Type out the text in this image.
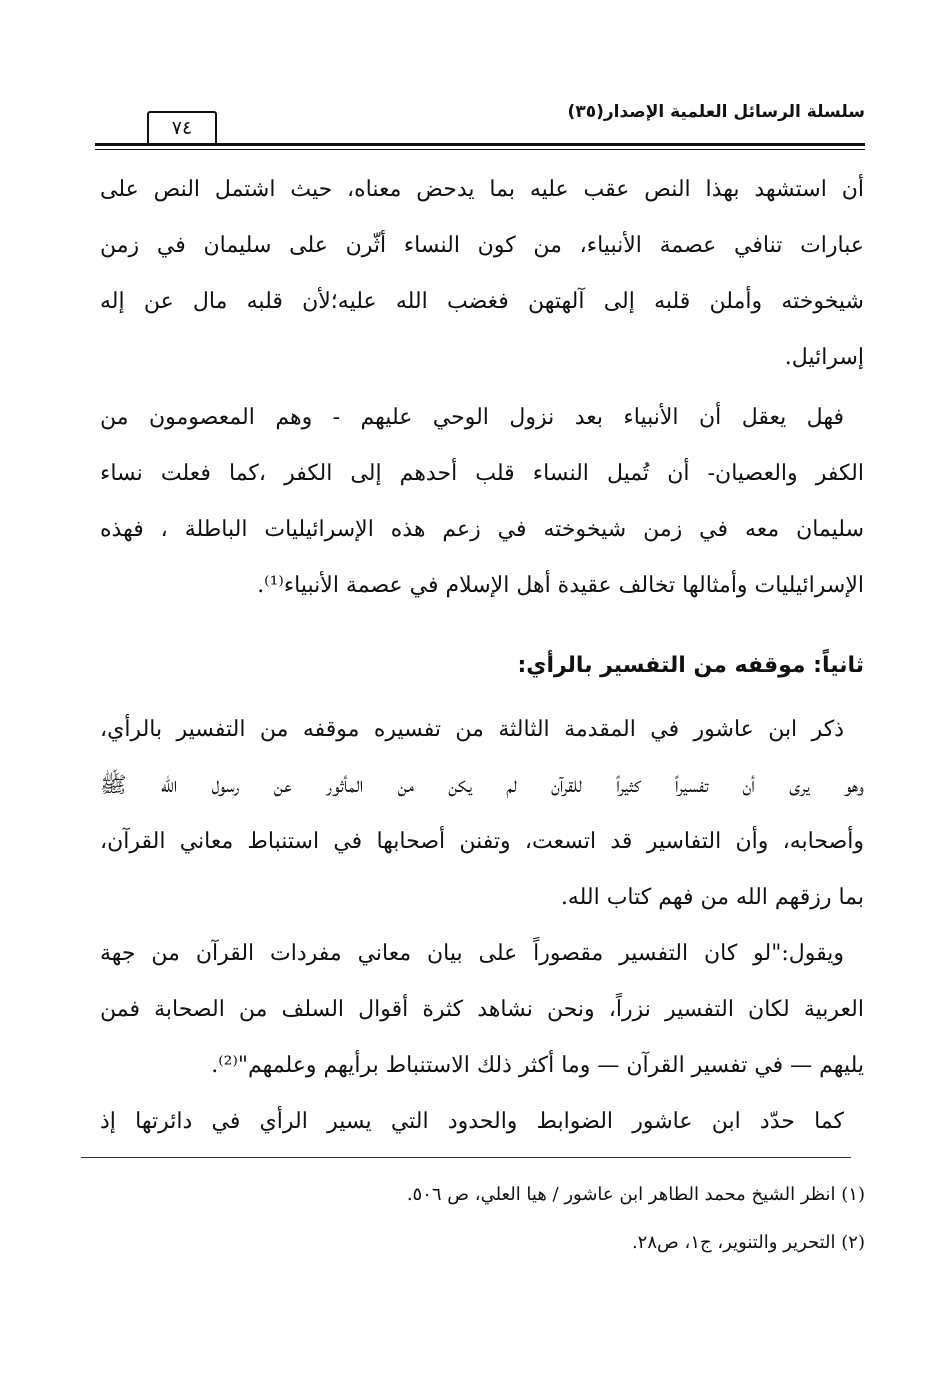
سلسلة الرسائل العلمية الإصدار(٣٥)
٧٤
أن استشهد بهذا النص عقب عليه بما يدحض معناه، حيث اشتمل النص على
عبارات تنافي عصمة الأنبياء، من كون النساء أثّرن على سليمان في زمن
شيخوخته وأملن قلبه إلى آلهتهن فغضب الله عليه؛لأن قلبه مال عن إله
إسرائيل.
فهل يعقل أن الأنبياء بعد نزول الوحي عليهم - وهم المعصومون من
الكفر والعصيان- أن تُميل النساء قلب أحدهم إلى الكفر ،كما فعلت نساء
سليمان معه في زمن شيخوخته في زعم هذه الإسرائيليات الباطلة ، فهذه
الإسرائيليات وأمثالها تخالف عقيدة أهل الإسلام في عصمة الأنبياء⁽¹⁾.
ثانياً: موقفه من التفسير بالرأي:
ذكر ابن عاشور في المقدمة الثالثة من تفسيره موقفه من التفسير بالرأي،
وهو يرى أن تفسيراً كثيراً للقرآن لم يكن من المأثور عن رسول الله ﷺ
وأصحابه، وأن التفاسير قد اتسعت، وتفنن أصحابها في استنباط معاني القرآن،
بما رزقهم الله من فهم كتاب الله.
ويقول:"لو كان التفسير مقصوراً على بيان معاني مفردات القرآن من جهة
العربية لكان التفسير نزراً، ونحن نشاهد كثرة أقوال السلف من الصحابة فمن
يليهم — في تفسير القرآن — وما أكثر ذلك الاستنباط برأيهم وعلمهم"⁽²⁾.
كما حدّد ابن عاشور الضوابط والحدود التي يسير الرأي في دائرتها إذ
(١) انظر الشيخ محمد الطاهر ابن عاشور / هيا العلي، ص ٥٠٦.
(٢) التحرير والتنوير، ج١، ص٢٨.
